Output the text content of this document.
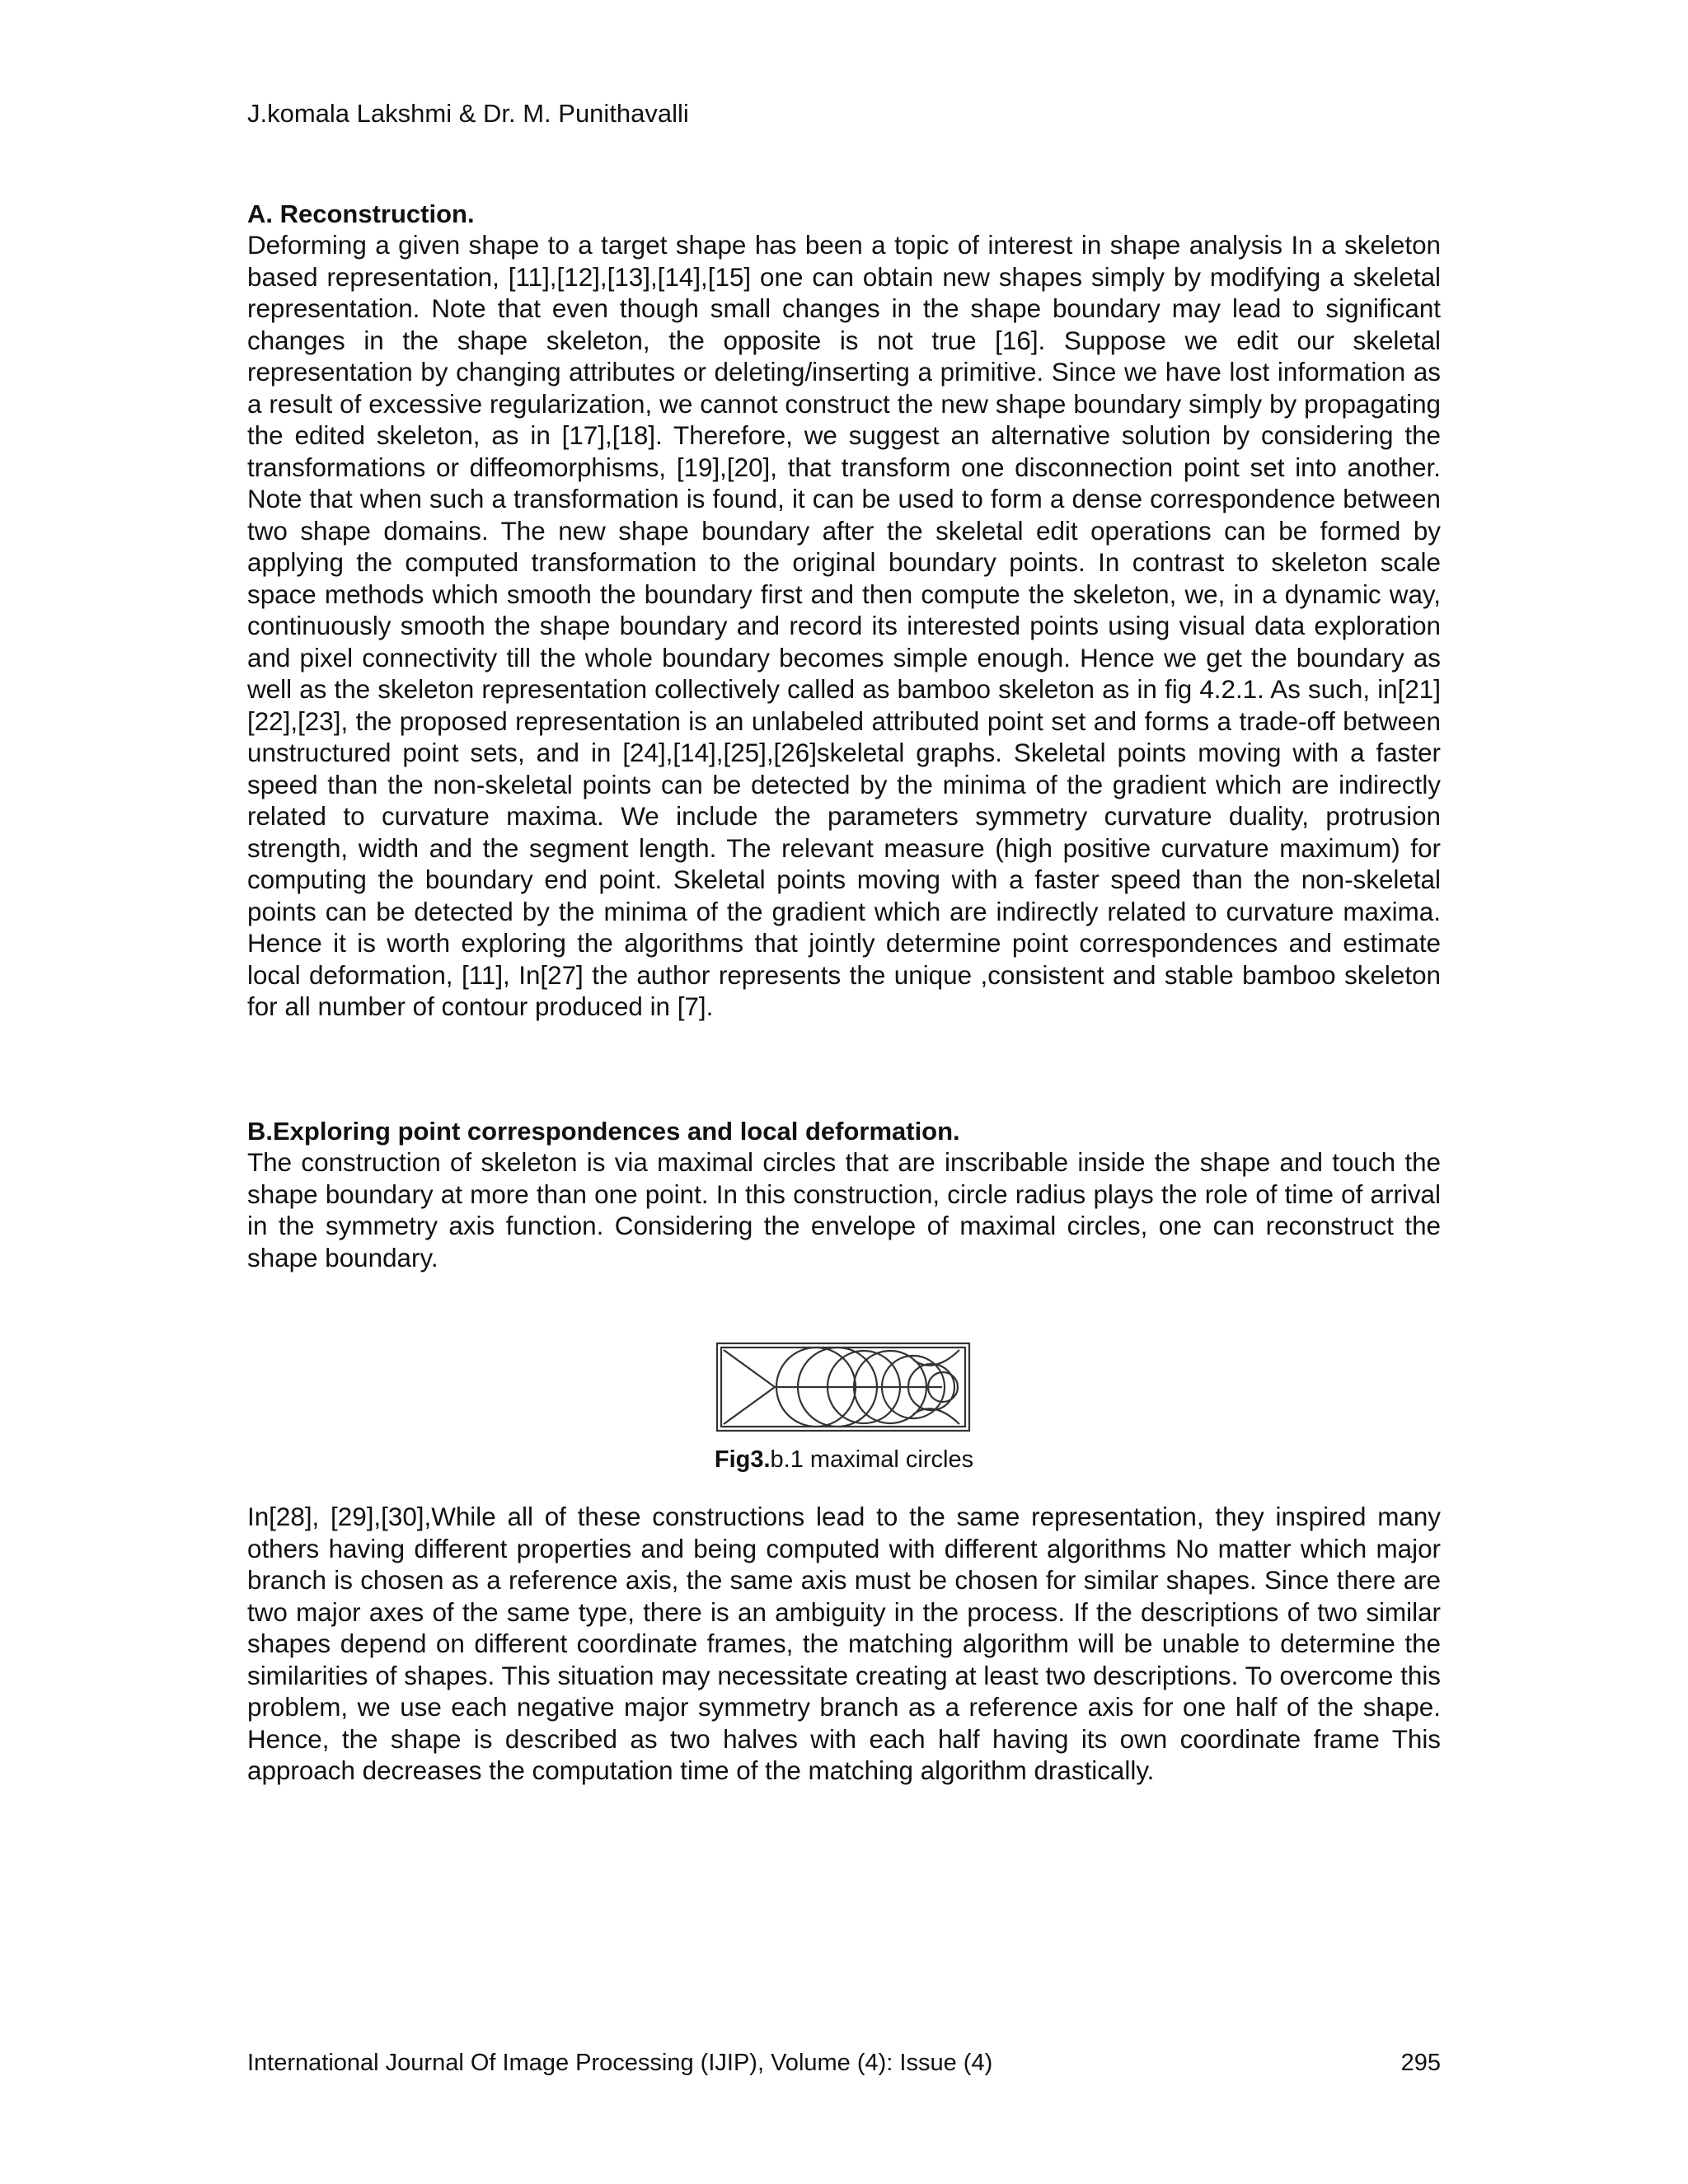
J.komala Lakshmi & Dr. M. Punithavalli

A. Reconstruction.

Deforming a given shape to a target shape has been a topic of interest in shape analysis In a skeleton based representation, [11],[12],[13],[14],[15] one can obtain new shapes simply by modifying a skeletal representation. Note that even though small changes in the shape boundary may lead to significant changes in the shape skeleton, the opposite is not true [16]. Suppose we edit our skeletal representation by changing attributes or deleting/inserting a primitive. Since we have lost information as a result of excessive regularization, we cannot construct the new shape boundary simply by propagating the edited skeleton, as in [17],[18]. Therefore, we suggest an alternative solution by considering the transformations or diffeomorphisms, [19],[20], that transform one disconnection point set into another. Note that when such a transformation is found, it can be used to form a dense correspondence between two shape domains. The new shape boundary after the skeletal edit operations can be formed by applying the computed transformation to the original boundary points. In contrast to skeleton scale space methods which smooth the boundary first and then compute the skeleton, we, in a dynamic way, continuously smooth the shape boundary and record its interested points using visual data exploration and pixel connectivity till the whole boundary becomes simple enough. Hence we get the boundary as well as the skeleton representation collectively called as bamboo skeleton as in fig 4.2.1. As such, in[21][22],[23], the proposed representation is an unlabeled attributed point set and forms a trade-off between unstructured point sets, and in [24],[14],[25],[26]skeletal graphs. Skeletal points moving with a faster speed than the non-skeletal points can be detected by the minima of the gradient which are indirectly related to curvature maxima. We include the parameters symmetry curvature duality, protrusion strength, width and the segment length. The relevant measure (high positive curvature maximum) for computing the boundary end point. Skeletal points moving with a faster speed than the non-skeletal points can be detected by the minima of the gradient which are indirectly related to curvature maxima. Hence it is worth exploring the algorithms that jointly determine point correspondences and estimate local deformation, [11], In[27] the author represents the unique ,consistent and stable bamboo skeleton for all number of contour produced in [7].

B.Exploring point correspondences and local deformation.

The construction of skeleton is via maximal circles that are inscribable inside the shape and touch the shape boundary at more than one point. In this construction, circle radius plays the role of time of arrival in the symmetry axis function. Considering the envelope of maximal circles, one can reconstruct the shape boundary.

Fig3.b.1 maximal circles

In[28], [29],[30],While all of these constructions lead to the same representation, they inspired many others having different properties and being computed with different algorithms No matter which major branch is chosen as a reference axis, the same axis must be chosen for similar shapes. Since there are two major axes of the same type, there is an ambiguity in the process. If the descriptions of two similar shapes depend on different coordinate frames, the matching algorithm will be unable to determine the similarities of shapes. This situation may necessitate creating at least two descriptions. To overcome this problem, we use each negative major symmetry branch as a reference axis for one half of the shape. Hence, the shape is described as two halves with each half having its own coordinate frame This approach decreases the computation time of the matching algorithm drastically.

International Journal Of Image Processing (IJIP), Volume (4): Issue (4)	295
